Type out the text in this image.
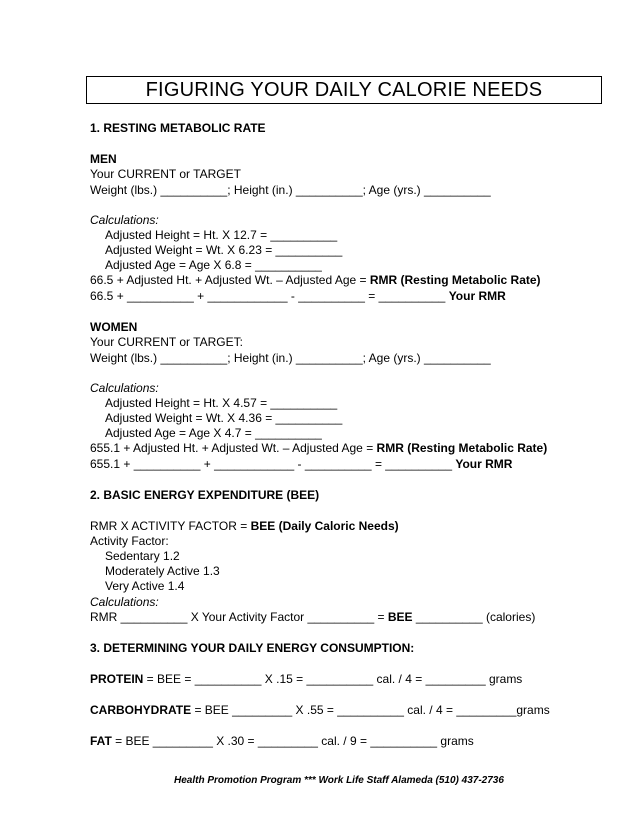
FIGURING YOUR DAILY CALORIE NEEDS
1. RESTING METABOLIC RATE
MEN
Your CURRENT or TARGET
Weight (lbs.) __________; Height (in.) __________; Age (yrs.) __________
Calculations:
Adjusted Height = Ht. X 12.7 = __________
Adjusted Weight = Wt. X 6.23 = __________
Adjusted Age = Age X 6.8 = __________
66.5 + Adjusted Ht. + Adjusted Wt. – Adjusted Age = RMR (Resting Metabolic Rate)
66.5 + __________ + ____________ - __________ = __________ Your RMR
WOMEN
Your CURRENT or TARGET:
Weight (lbs.) __________; Height (in.) __________; Age (yrs.) __________
Calculations:
Adjusted Height = Ht. X 4.57 = __________
Adjusted Weight = Wt. X 4.36 = __________
Adjusted Age = Age X 4.7 = __________
655.1 + Adjusted Ht. + Adjusted Wt. – Adjusted Age = RMR (Resting Metabolic Rate)
655.1 + __________ + ____________ - __________ = __________ Your RMR
2. BASIC ENERGY EXPENDITURE (BEE)
RMR X ACTIVITY FACTOR = BEE (Daily Caloric Needs)
Activity Factor:
Sedentary 1.2
Moderately Active 1.3
Very Active 1.4
Calculations:
RMR __________ X Your Activity Factor __________ = BEE __________ (calories)
3. DETERMINING YOUR DAILY ENERGY CONSUMPTION:
PROTEIN = BEE = __________ X .15 = __________ cal. / 4 = _________ grams
CARBOHYDRATE = BEE _________ X .55 = __________ cal. / 4 = _________grams
FAT = BEE _________ X .30 = _________ cal. / 9 = __________ grams
Health Promotion Program *** Work Life Staff Alameda (510) 437-2736
